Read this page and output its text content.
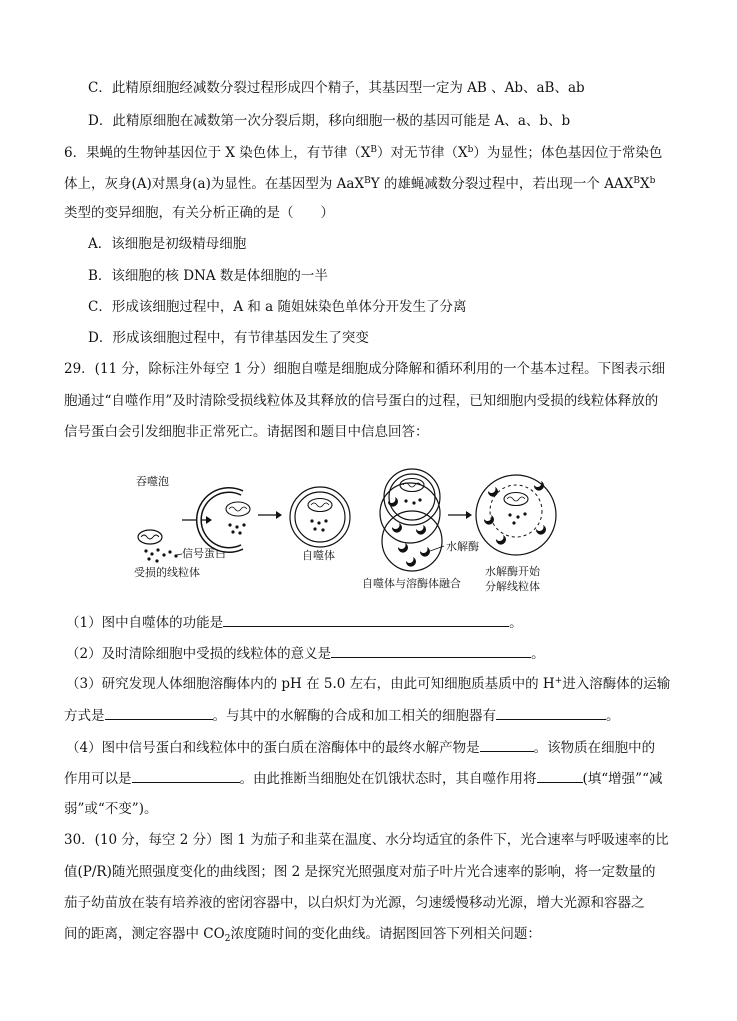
C．此精原细胞经减数分裂过程形成四个精子，其基因型一定为 AB 、Ab、aB、ab
D．此精原细胞在减数第一次分裂后期，移向细胞一极的基因可能是 A、a、b、b
6．果蝇的生物钟基因位于 X 染色体上，有节律$(X^B)$对无节律$(X^b)$为显性；体色基因位于常染色
体上，灰身(A)对黑身(a)为显性。在基因型为 AaX$^B$Y 的雄蝇减数分裂过程中，若出现一个 $AAX^BX^b$
类型的变异细胞，有关分析正确的是（　　）
A．该细胞是初级精母细胞
B．该细胞的核 DNA 数是体细胞的一半
C．形成该细胞过程中，A 和 a 随姐妹染色单体分开发生了分离
D．形成该细胞过程中，有节律基因发生了突变
29．(11 分，除标注外每空 1 分）细胞自噬是细胞成分降解和循环利用的一个基本过程。下图表示细
胞通过“自噬作用”及时清除受损线粒体及其释放的信号蛋白的过程，已知细胞内受损的线粒体释放的
信号蛋白会引发细胞非正常死亡。请据图和题目中信息回答：
吞噬泡
信号蛋白
受损的线粒体
自噬体
水解酶
自噬体与溶酶体融合
水解酶开始
分解线粒体
（1）图中自噬体的功能是	。
（2）及时清除细胞中受损的线粒体的意义是	。
（3）研究发现人体细胞溶酶体内的 pH 在 5.0 左右，由此可知细胞质基质中的 H+进入溶酶体的运输
方式是	。与其中的水解酶的合成和加工相关的细胞器有	。
（4）图中信号蛋白和线粒体中的蛋白质在溶酶体中的最终水解产物是	。该物质在细胞中的
作用可以是	。由此推断当细胞处在饥饿状态时，其自噬作用将	(填“增强”“减
弱”或“不变”)。
30．(10 分，每空 2 分）图 1 为茄子和韭菜在温度、水分均适宜的条件下，光合速率与呼吸速率的比
值(P/R)随光照强度变化的曲线图；图 2 是探究光照强度对茄子叶片光合速率的影响，将一定数量的
茄子幼苗放在装有培养液的密闭容器中，以白炽灯为光源，匀速缓慢移动光源，增大光源和容器之
间的距离，测定容器中 $CO_2$浓度随时间的变化曲线。请据图回答下列相关问题：
